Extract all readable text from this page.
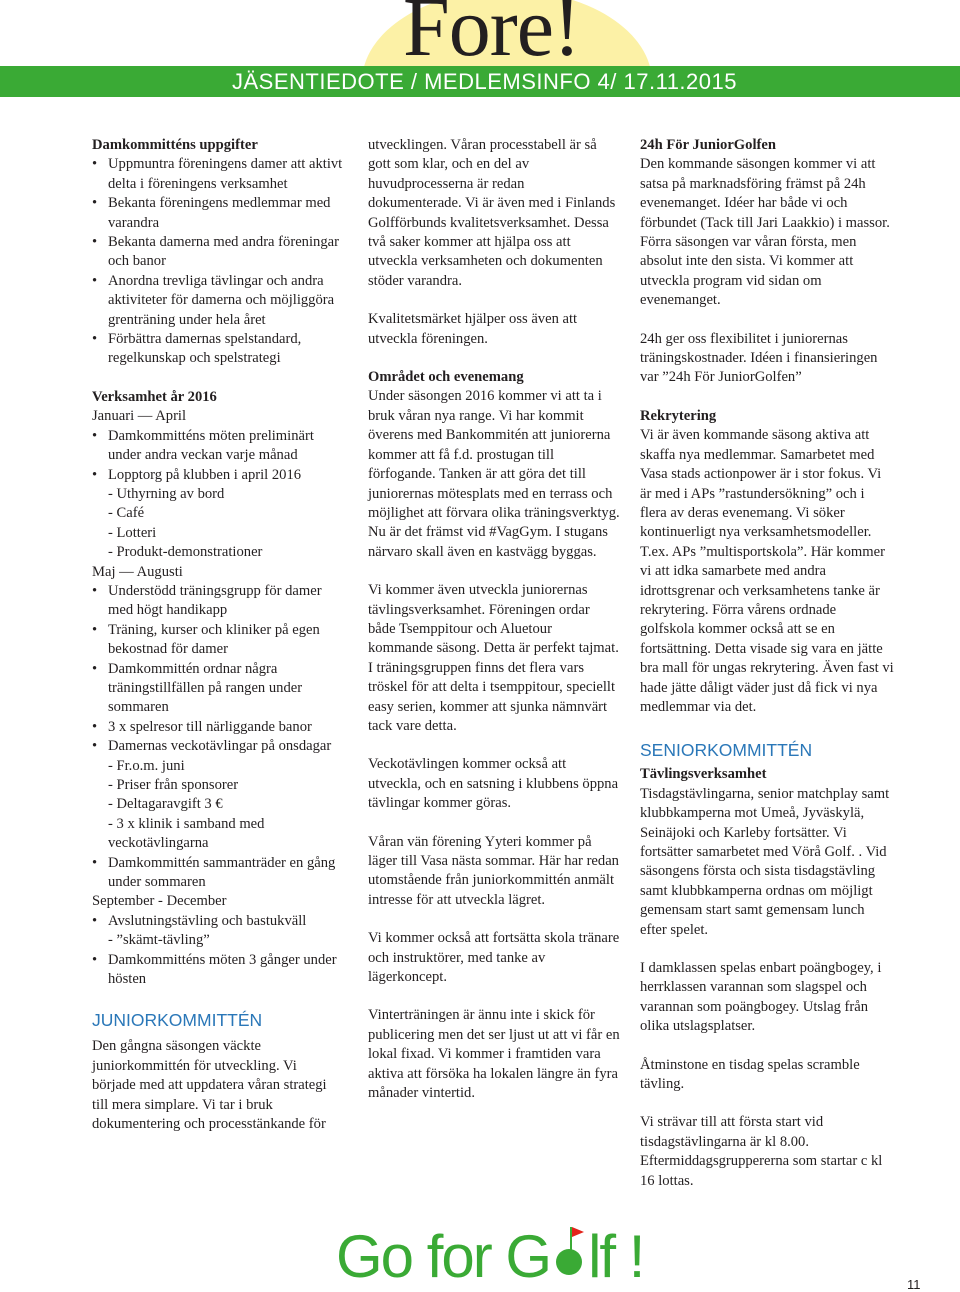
Fore!
JÄSENTIEDOTE / MEDLEMSINFO 4/ 17.11.2015

Damkommitténs uppgifter

• Uppmuntra föreningens damer att aktivt delta i föreningens verksamhet
• Bekanta föreningens medlemmar med varandra
• Bekanta damerna med andra föreningar och banor
• Anordna trevliga tävlingar och andra aktiviteter för damerna och möjliggöra grenträning under hela året
• Förbättra damernas spelstandard, regelkunskap och spelstrategi

Verksamhet år 2016

Januari — April

• Damkommitténs möten preliminärt under andra veckan varje månad
• Lopptorg på klubben i april 2016

- Uthyrning av bord

- Café

- Lotteri

- Produkt-demonstrationer

Maj — Augusti

• Understödd träningsgrupp för damer med högt handikapp
• Träning, kurser och kliniker på egen bekostnad för damer
• Damkommittén ordnar några träningstillfällen på rangen under sommaren
• 3 x spelresor till närliggande banor
• Damernas veckotävlingar på onsdagar

- Fr.o.m. juni

- Priser från sponsorer

- Deltagaravgift 3 €

- 3 x klinik i samband med veckotävlingarna

• Damkommittén sammanträder en gång under sommaren

September - December

• Avslutningstävling och bastukväll

- ”skämt-tävling”

• Damkommitténs möten 3 gånger under hösten

JUNIORKOMMITTÉN

Den gångna säsongen väckte juniorkommittén för utveckling. Vi började med att uppdatera våran strategi till mera simplare. Vi tar i bruk dokumentering och processtänkande för

utvecklingen. Våran processtabell är så gott som klar, och en del av huvudprocesserna är redan dokumenterade. Vi är även med i Finlands Golfförbunds kvalitetsverksamhet. Dessa två saker kommer att hjälpa oss att utveckla verksamheten och dokumenten stöder varandra.

Kvalitetsmärket hjälper oss även att utveckla föreningen.

Området och evenemang

Under säsongen 2016 kommer vi att ta i bruk våran nya range. Vi har kommit överens med Bankommitén att juniorerna kommer att få f.d. prostugan till förfogande. Tanken är att göra det till juniorernas mötesplats med en terrass och möjlighet att förvara olika träningsverktyg. Nu är det främst vid #VagGym. I stugans närvaro skall även en kastvägg byggas.

Vi kommer även utveckla juniorernas tävlingsverksamhet. Föreningen ordar både Tsemppitour och Aluetour kommande säsong. Detta är perfekt tajmat. I träningsgruppen finns det flera vars tröskel för att delta i tsemppitour, speciellt easy serien, kommer att sjunka nämnvärt tack vare detta.

Veckotävlingen kommer också att utveckla, och en satsning i klubbens öppna tävlingar kommer göras.

Våran vän förening Yyteri kommer på läger till Vasa nästa sommar. Här har redan utomstående från juniorkommittén anmält intresse för att utveckla lägret.

Vi kommer också att fortsätta skola tränare och instruktörer, med tanke av lägerkoncept.

Vinterträningen är ännu inte i skick för publicering men det ser ljust ut att vi får en lokal fixad. Vi kommer i framtiden vara aktiva att försöka ha lokalen längre än fyra månader vintertid.

24h För JuniorGolfen

Den kommande säsongen kommer vi att satsa på marknadsföring främst på 24h evenemanget. Idéer har både vi och förbundet (Tack till Jari Laakkio) i massor. Förra säsongen var våran första, men absolut inte den sista. Vi kommer att utveckla program vid sidan om evenemanget.

24h ger oss flexibilitet i juniorernas träningskostnader. Idéen i finansieringen var ”24h För JuniorGolfen”

Rekrytering

Vi är även kommande säsong aktiva att skaffa nya medlemmar. Samarbetet med Vasa stads actionpower är i stor fokus. Vi är med i APs ”rastundersökning” och i flera av deras evenemang. Vi söker kontinuerligt nya verksamhetsmodeller. T.ex. APs ”multisportskola”. Här kommer vi att idka samarbete med andra idrottsgrenar och verksamhetens tanke är rekrytering. Förra vårens ordnade golfskola kommer också att se en fortsättning. Detta visade sig vara en jätte bra mall för ungas rekrytering. Även fast vi hade jätte dåligt väder just då fick vi nya medlemmar via det.

SENIORKOMMITTÉN

Tävlingsverksamhet

Tisdagstävlingarna, senior matchplay samt klubbkamperna mot Umeå, Jyväskylä, Seinäjoki och Karleby fortsätter. Vi fortsätter samarbetet med Vörå Golf. . Vid säsongens första och sista tisdagstävling samt klubbkamperna ordnas om möjligt gemensam start samt gemensam lunch efter spelet.

I damklassen spelas enbart poängbogey, i herrklassen varannan som slagspel och varannan som poängbogey. Utslag från olika utslagsplatser.

Åtminstone en tisdag spelas scramble tävling.

Vi strävar till att första start vid tisdagstävlingarna är kl 8.00. Eftermiddagsgruppererna som startar c kl 16 lottas.

Go for G lf !	11
